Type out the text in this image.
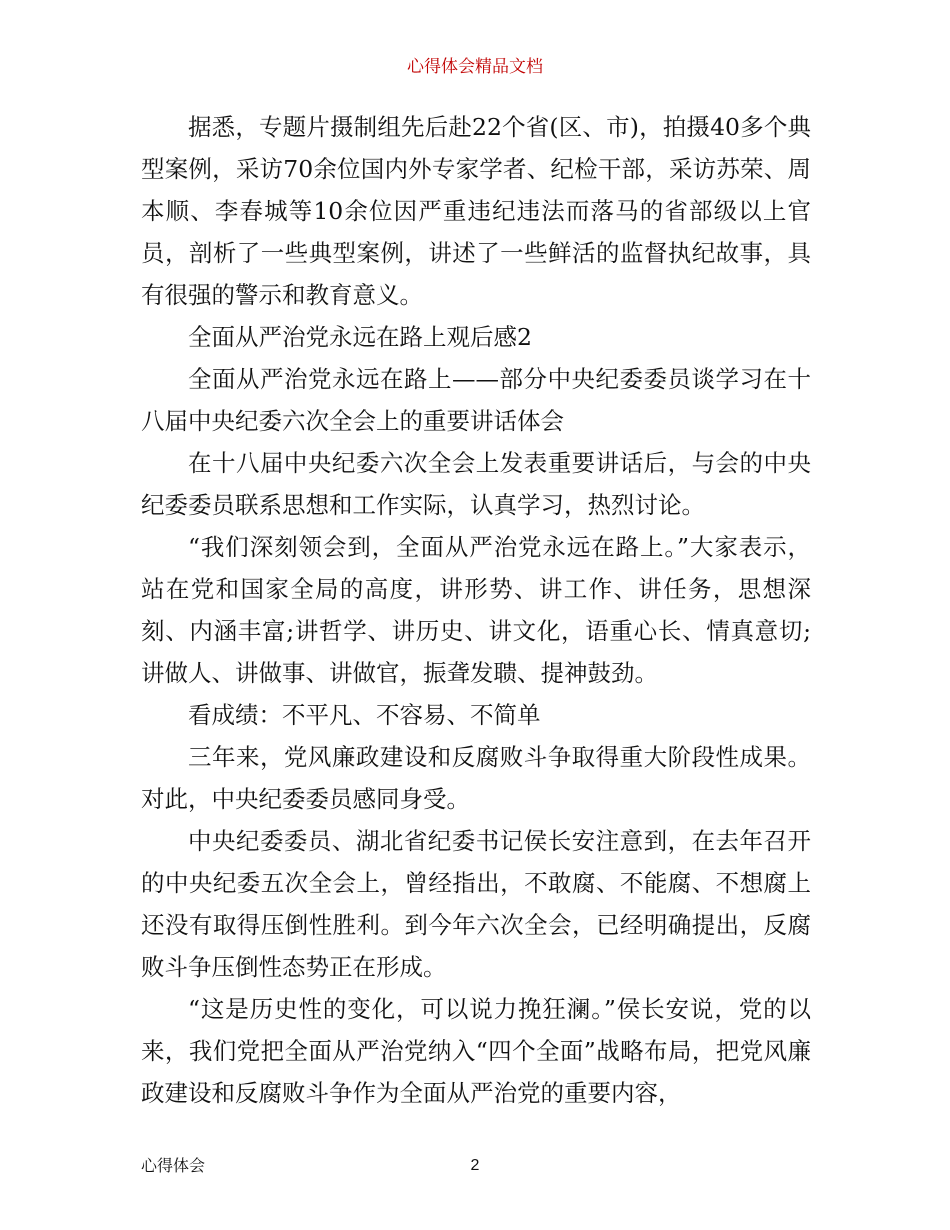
心得体会精品文档

据悉，专题片摄制组先后赴22个省(区、市)，拍摄40多个典型案例，采访70余位国内外专家学者、纪检干部，采访苏荣、周本顺、李春城等10余位因严重违纪违法而落马的省部级以上官员，剖析了一些典型案例，讲述了一些鲜活的监督执纪故事，具有很强的警示和教育意义。

全面从严治党永远在路上观后感2

全面从严治党永远在路上——部分中央纪委委员谈学习在十八届中央纪委六次全会上的重要讲话体会

在十八届中央纪委六次全会上发表重要讲话后，与会的中央纪委委员联系思想和工作实际，认真学习，热烈讨论。

“我们深刻领会到，全面从严治党永远在路上。”大家表示，站在党和国家全局的高度，讲形势、讲工作、讲任务，思想深刻、内涵丰富;讲哲学、讲历史、讲文化，语重心长、情真意切;讲做人、讲做事、讲做官，振聋发聩、提神鼓劲。

看成绩：不平凡、不容易、不简单

三年来，党风廉政建设和反腐败斗争取得重大阶段性成果。对此，中央纪委委员感同身受。

中央纪委委员、湖北省纪委书记侯长安注意到，在去年召开的中央纪委五次全会上，曾经指出，不敢腐、不能腐、不想腐上还没有取得压倒性胜利。到今年六次全会，已经明确提出，反腐败斗争压倒性态势正在形成。

“这是历史性的变化，可以说力挽狂澜。”侯长安说，党的以来，我们党把全面从严治党纳入“四个全面”战略布局，把党风廉政建设和反腐败斗争作为全面从严治党的重要内容，

心得体会	2
